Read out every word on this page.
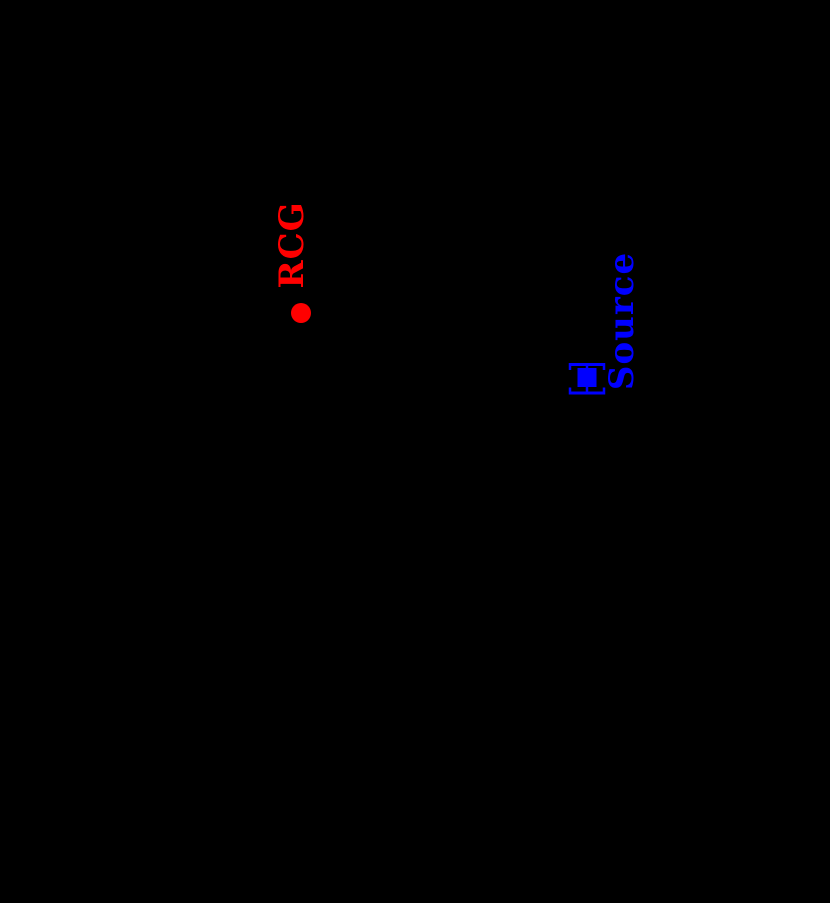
RCG
Source
